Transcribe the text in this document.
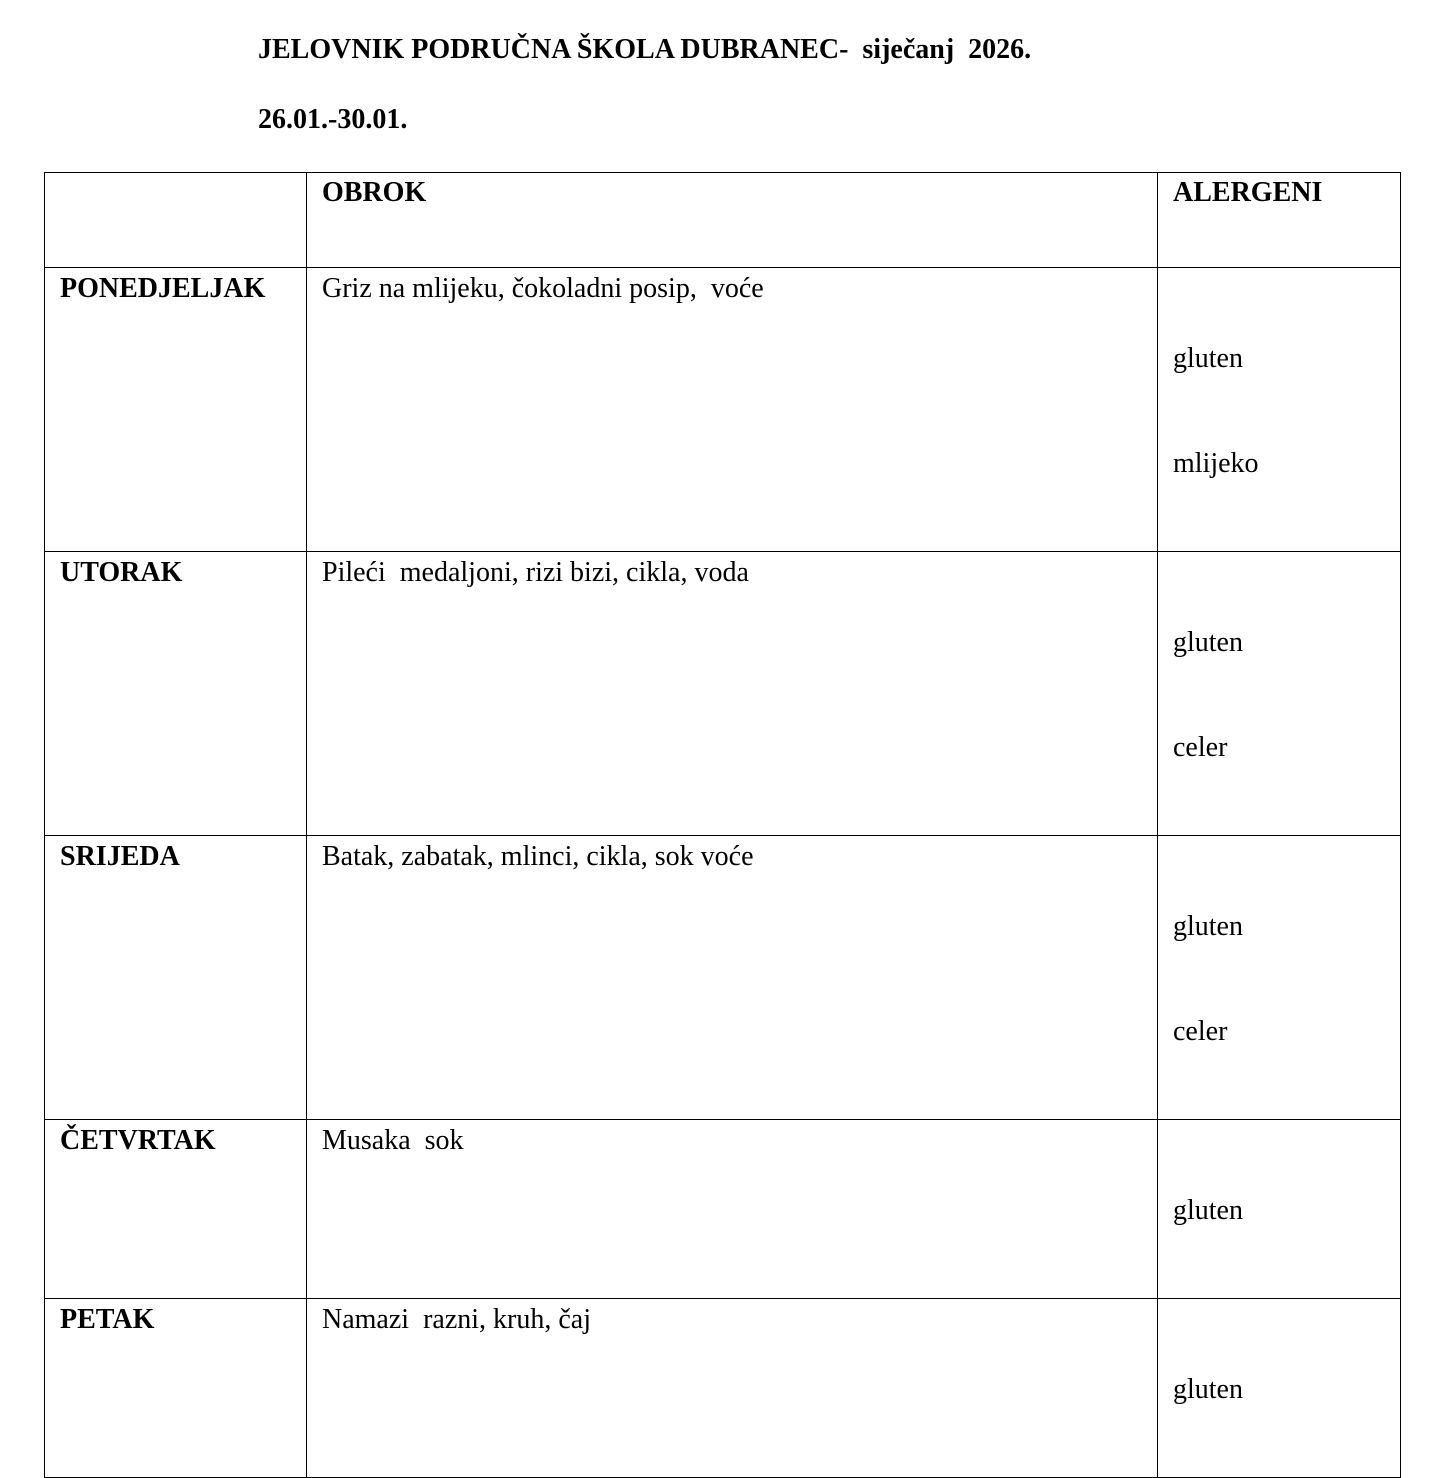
JELOVNIK PODRUČNA ŠKOLA DUBRANEC-  siječanj  2026.
26.01.-30.01.
	OBROK	ALERGENI
PONEDJELJAK	Griz na mlijeku, čokoladni posip,  voće	gluten

mlijeko

UTORAK	Pileći  medaljoni, rizi bizi, cikla, voda	gluten

celer

SRIJEDA	Batak, zabatak, mlinci, cikla, sok voće	gluten

celer

ČETVRTAK	Musaka  sok	gluten

PETAK	Namazi  razni, kruh, čaj	gluten
